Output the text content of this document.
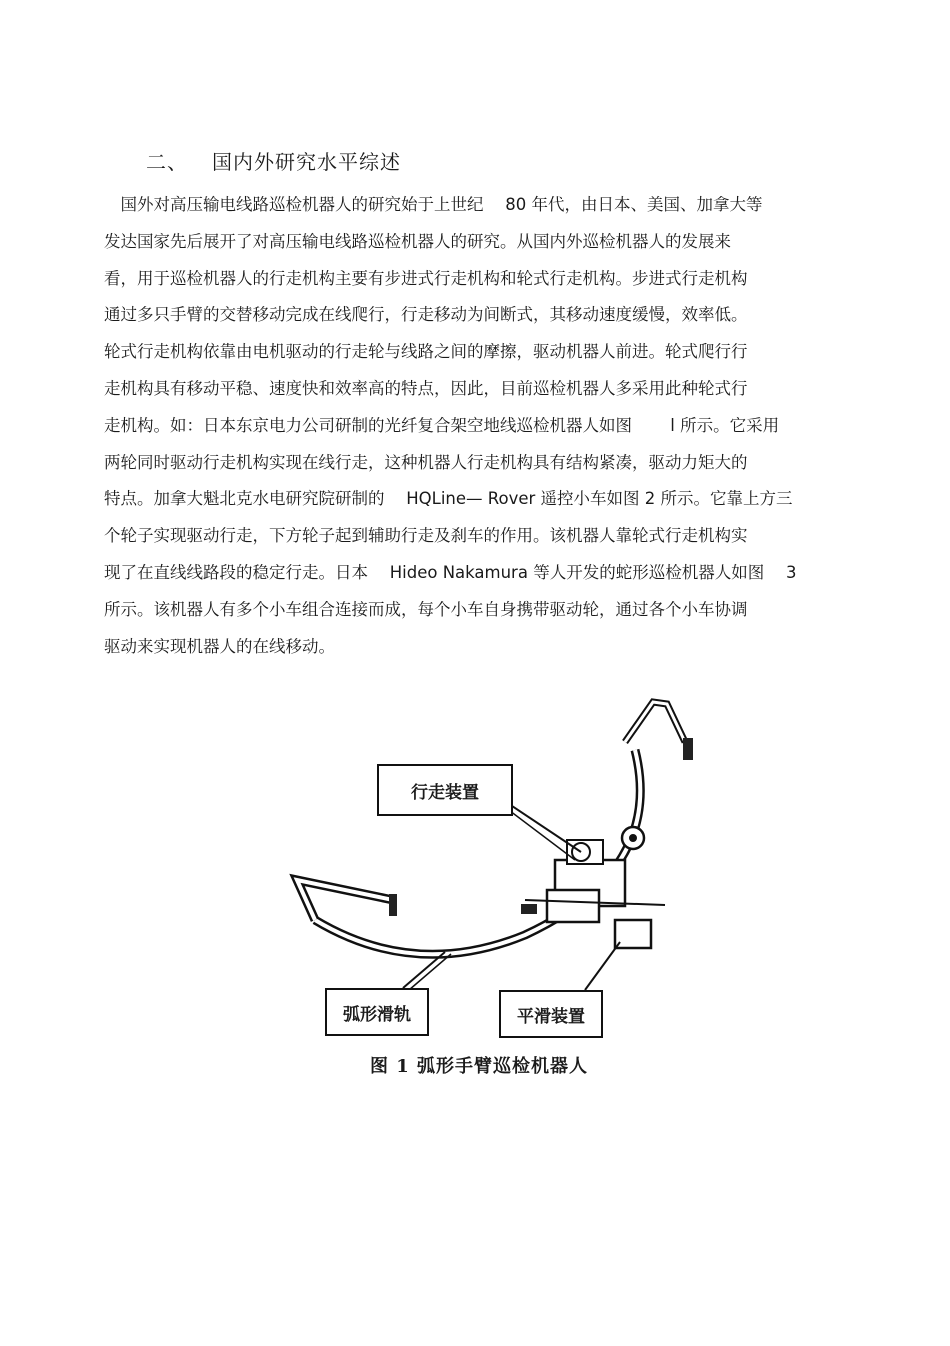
二、 国内外研究水平综述
　国外对高压输电线路巡检机器人的研究始于上世纪　 80 年代，由日本、美国、加拿大等
发达国家先后展开了对高压输电线路巡检机器人的研究。从国内外巡检机器人的发展来
看，用于巡检机器人的行走机构主要有步进式行走机构和轮式行走机构。步进式行走机构
通过多只手臂的交替移动完成在线爬行，行走移动为间断式，其移动速度缓慢，效率低。
轮式行走机构依靠由电机驱动的行走轮与线路之间的摩擦，驱动机器人前进。轮式爬行行
走机构具有移动平稳、速度快和效率高的特点，因此，目前巡检机器人多采用此种轮式行
走机构。如：日本东京电力公司研制的光纤复合架空地线巡检机器人如图　　 l 所示。它采用
两轮同时驱动行走机构实现在线行走，这种机器人行走机构具有结构紧凑，驱动力矩大的
特点。加拿大魁北克水电研究院研制的　 HQLine— Rover 遥控小车如图 2 所示。它靠上方三
个轮子实现驱动行走，下方轮子起到辅助行走及刹车的作用。该机器人靠轮式行走机构实
现了在直线线路段的稳定行走。日本　 Hideo Nakamura 等人开发的蛇形巡检机器人如图　 3
所示。该机器人有多个小车组合连接而成，每个小车自身携带驱动轮，通过各个小车协调
驱动来实现机器人的在线移动。
行走装置
弧形滑轨	平滑装置
图 1 弧形手臂巡检机器人
